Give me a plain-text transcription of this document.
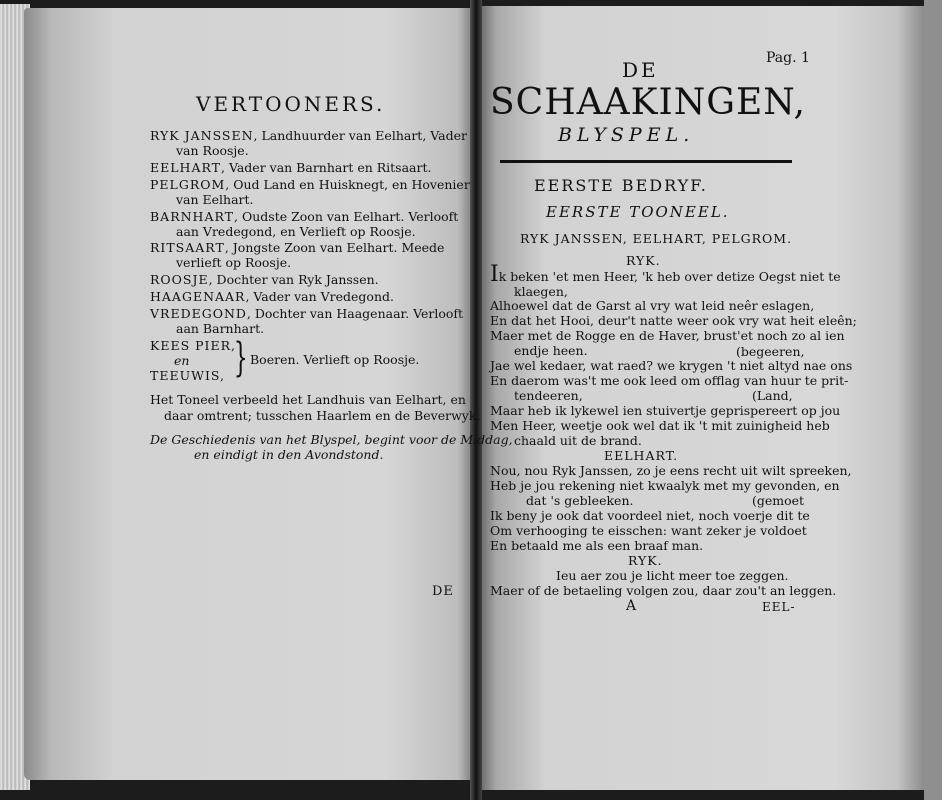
VERTOONERS.
RYK JANSSEN, Landhuurder van Eelhart, Vader
van Roosje.
EELHART, Vader van Barnhart en Ritsaart.
PELGROM, Oud Land en Huisknegt, en Hovenier
van Eelhart.
BARNHART, Oudste Zoon van Eelhart. Verlooft
aan Vredegond, en Verlieft op Roosje.
RITSAART, Jongste Zoon van Eelhart. Meede
verlieft op Roosje.
ROOSJE, Dochter van Ryk Janssen.
HAAGENAAR, Vader van Vredegond.
VREDEGOND, Dochter van Haagenaar. Verlooft
aan Barnhart.
KEES PIER,
en
TEEUWIS, } Boeren. Verlieft op Roosje.
Het Toneel verbeeld het Landhuis van Eelhart, en
daar omtrent; tusschen Haarlem en de Beverwyk.
De Geschiedenis van het Blyspel, begint voor de Middag,
en eindigt in den Avondstond.
DE
Pag. 1
DE
SCHAAKINGEN,
BLYSPEL.
EERSTE BEDRYF.
EERSTE TOONEEL.
RYK JANSSEN, EELHART, PELGROM.
RYK.
Ik beken 'et men Heer, 'k heb over detize Oegst niet te
klaegen,
Alhoewel dat de Garst al vry wat leid neêr eslagen,
En dat het Hooi, deur't natte weer ook vry wat heit eleên;
Maer met de Rogge en de Haver, brust'et noch zo al ien
endje heen.	(begeeren,
Jae wel kedaer, wat raed? we krygen 't niet altyd nae ons
En daerom was't me ook leed om offlag van huur te prit-
tendeeren,	(Land,
Maar heb ik lykewel ien stuivertje geprispereert op jou
Men Heer, weetje ook wel dat ik 't mit zuinigheid heb
chaald uit de brand.
EELHART.
Nou, nou Ryk Janssen, zo je eens recht uit wilt spreeken,
Heb je jou rekening niet kwaalyk met my gevonden, en
dat 's gebleeken.	(gemoet
Ik beny je ook dat voordeel niet, noch voerje dit te
Om verhooging te eisschen: want zeker je voldoet
En betaald me als een braaf man.
RYK.
Ieu aer zou je licht meer toe zeggen.
Maer of de betaeling volgen zou, daar zou't an leggen.
A	EEL-
